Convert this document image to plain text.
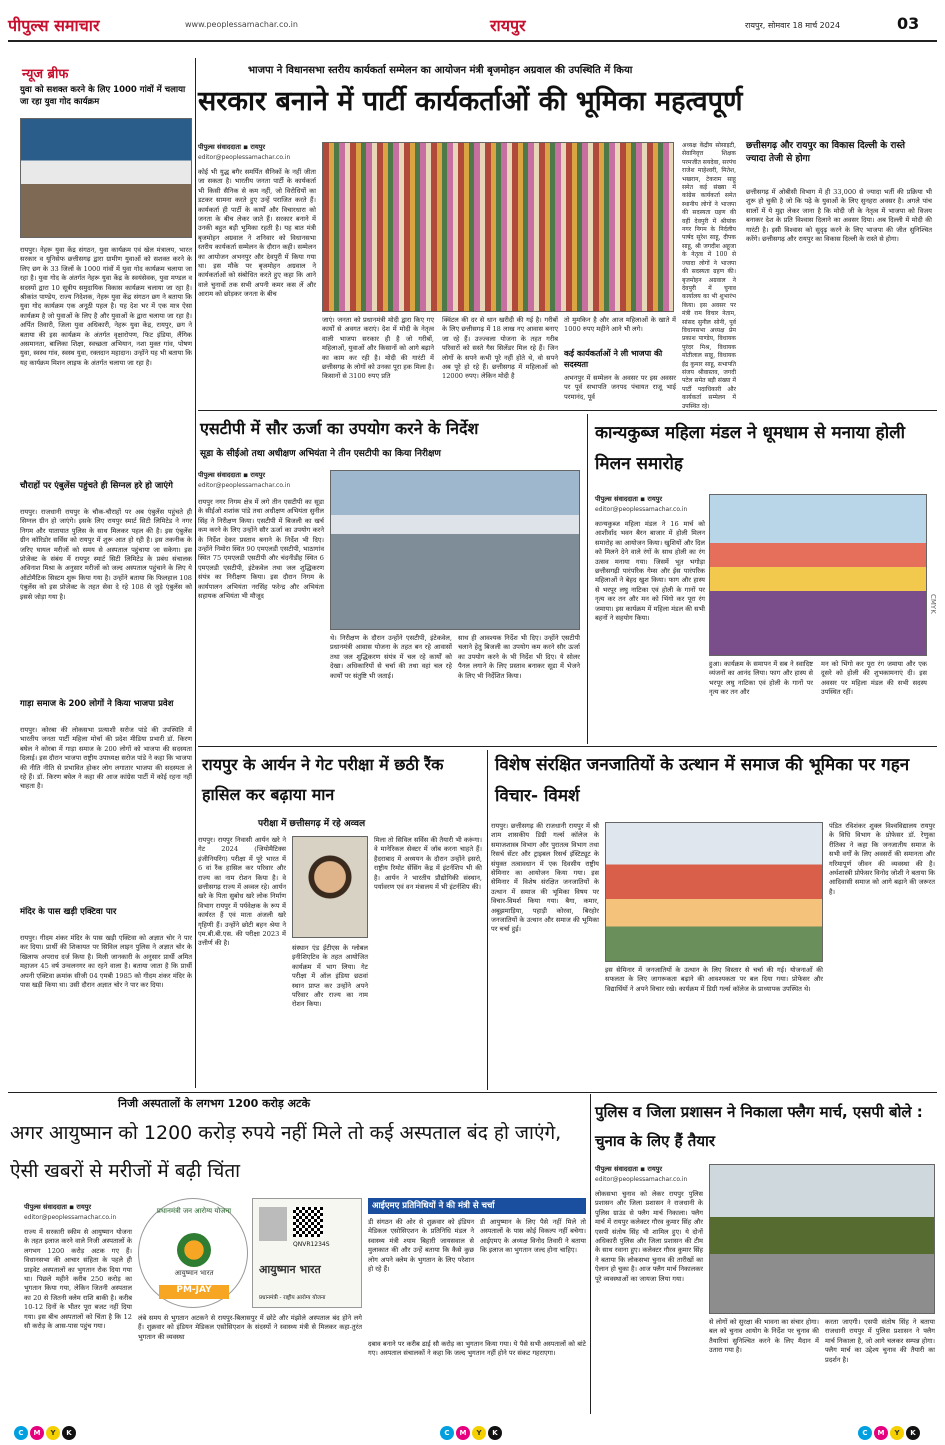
पीपुल्स समाचार	www.peoplessamachar.co.in	रायपुर	रायपुर, सोमवार 18 मार्च 2024	03
न्यूज ब्रीफ
युवा को सशक्त करने के लिए 1000 गांवों में चलाया जा रहा युवा गोद कार्यक्रम
रायपुर। नेहरू युवा केंद्र संगठन, युवा कार्यक्रम एवं खेल मंत्रालय, भारत सरकार व यूनिसेफ छत्तीसगढ़ द्वारा ग्रामीण युवाओं को सशक्त करने के लिए छग के 33 जिलों के 1000 गांवों में युवा गोद कार्यक्रम चलाया जा रहा है। युवा गोद के अंतर्गत नेहरू युवा केंद्र के स्वयंसेवक, युवा मण्डल व सदस्यों द्वारा 10 सूत्रीय समुदायिक विकास कार्यक्रम चलाया जा रहा है। श्रीकांत पाण्डेय, राज्य निदेशक, नेहरू युवा केंद्र संगठन छग ने बताया कि युवा गोद कार्यक्रम एक अनूठी पहल है। यह देश भर में एक मात्र ऐसा कार्यक्रम है जो युवाओं के लिए है और युवाओं के द्वारा चलाया जा रहा है। अर्पित तिवारी, जिला युवा अधिकारी, नेहरू युवा केंद्र, रायपुर, छग ने बताया की इस कार्यक्रम के अंतर्गत वृक्षारोपण, फिट इंडिया, लैंगिक असमानता, बालिका शिक्षा, स्वच्छता अभियान, नशा मुक्त गांव, पोषण युवा, स्वस्थ गांव, स्वस्थ युवा, रक्तदान महादान। उन्होंने यह भी बताया कि यह कार्यक्रम मिशन लाइफ के अंतर्गत चलाया जा रहा है।
चौराहों पर एंबुलेंस पहुंचते ही सिग्नल हरे हो जाएंगे
रायपुर। राजधानी रायपुर के चौक-चौराहों पर अब एंबुलेंस पहुंचते ही सिग्नल ग्रीन हो जाएंगे। इसके लिए रायपुर स्मार्ट सिटी लिमिटेड ने नगर निगम और यातायात पुलिस के साथ मिलकर पहल की है। इस एंबुलेंस ग्रीन कॉरिडोर सर्विस को रायपुर में शुरू आत हो रही है। इस तकनीक के जरिए घायल मरीजों को समय से अस्पताल पहुंचाया जा सकेगा। इस प्रोजेक्ट के संबंध में रायपुर स्मार्ट सिटी लिमिटेड के प्रबंध संचालक अविनाश मिश्रा के अनुसार मरीजों को जल्द अस्पताल पहुंचाने के लिए ये ऑटोमैटिक सिस्टम शुरू किया गया है। उन्होंने बताया कि फिलहाल 108 एंबुलेंस को इस प्रोजेक्ट के तहत सेवा दे रहे 108 से जुड़े एंबुलेंस को इससे जोड़ा गया है।
गाड़ा समाज के 200 लोगों ने किया भाजपा प्रवेश
रायपुर। कोरबा की लोकसभा प्रत्याशी सरोज पांडे की उपस्थिति में भारतीय जनता पार्टी महिला मोर्चा की प्रदेश मीडिया प्रभारी डॉ. किरण बघेल ने कोरबा में गाड़ा समाज के 200 लोगों को भाजपा की सदस्यता दिलाई। इस दौरान भाजपा राष्ट्रीय उपाध्यक्ष सरोज पांडे ने कहा कि भाजपा की नीति नीति से प्रभावित होकर लोग लगातार भाजपा की सदस्यता ले रहे हैं। डॉ. किरण बघेल ने कहा की आज कांग्रेस पार्टी में कोई रहना नहीं चाहता है।
मंदिर के पास खड़ी एक्टिवा पार
रायपुर। गीदम शंकर मंदिर के पास खड़ी एक्टिवा को अज्ञात चोर ने पार कर दिया। प्रार्थी की शिकायत पर सिविल लाइन पुलिस ने अज्ञात चोर के खिलाफ अपराध दर्ज किया है। मिली जानकारी के अनुसार प्रार्थी अमित महाजन 45 वर्ष उन्वलनगर का रहने वाला है। बताया जाता है कि प्रार्थी अपनी एक्टिवा क्रमांक सीजी 04 एमबी 1985 को गीदम शंकर मंदिर के पास खड़ी किया था। उसी दौरान अज्ञात चोर ने पार कर दिया।
भाजपा ने विधानसभा स्तरीय कार्यकर्ता सम्मेलन का आयोजन मंत्री बृजमोहन अग्रवाल की उपस्थिति में किया
सरकार बनाने में पार्टी कार्यकर्ताओं की भूमिका महत्वपूर्ण
पीपुल्स संवाददाता ◾ रायपुर
editor@peoplessamachar.co.in
कोई भी युद्ध बगैर समर्पित सैनिकों के नहीं जीता जा सकता है। भारतीय जनता पार्टी के कार्यकर्ता भी किसी सैनिक से कम नहीं, जो विरोधियों का डटकर सामना करते हुए उन्हें पराजित करते हैं। कार्यकर्ता ही पार्टी के कार्यों और विचारधारा को जनता के बीच लेकर जाते हैं। सरकार बनाने में उनकी बहुत बड़ी भूमिका रहती है। यह बात मंत्री बृजमोहन अग्रवाल ने शनिवार को विधानसभा स्तरीय कार्यकर्ता सम्मेलन के दौरान कही। सम्मेलन का आयोजन अभनपुर और देवपुरी में किया गया था। इस मौके पर बृजमोहन अग्रवाल ने कार्यकर्ताओं को संबोधित करते हुए कहा कि आने वाले चुनावों तक सभी अपनी कमर कस लें और आराम को छोड़कर जनता के बीच
जाएं। जनता को प्रधानमंत्री मोदी द्वारा किए गए कार्यों से अवगत कराएं। देश में मोदी के नेतृत्व वाली भाजपा सरकार ही है जो गरीबों, महिलाओं, युवाओं और किसानों को आगे बढ़ाने का काम कर रही है। मोदी की गारंटी में छत्तीसगढ़ के लोगों को उनका पूरा हक मिला है। किसानों से 3100 रुपए प्रति
क्विंटल की दर से धान खरीदी की गई है। गरीबों के लिए छत्तीसगढ़ में 18 लाख नए आवास बनाए जा रहे हैं। उज्ज्वला योजना के तहत गरीब परिवारों को सस्ते गैस सिलेंडर मिल रहे हैं। जिन लोगों के सपने कभी पूरे नहीं होते थे, वो सपने अब पूरे हो रहे हैं। छत्तीसगढ़ में महिलाओं को 12000 रुपए। लेकिन मोदी है
तो मुमकिन है और आज महिलाओं के खाते में 1000 रुपए महीने आने भी लगे।
कई कार्यकर्ताओं ने ली भाजपा की सदस्यता
अभनपुर में सम्मेलन के अवसर पर इस अवसर पर पूर्व सभापति जनपद पंचायत राजू भाई परमानंद, पूर्व
अध्यक्ष केंद्रीय सोसाइटी, सेवानिवृत्त शिक्षक परमजीत सयदेवा, सरपंच राजेश माहेश्वरी, मितेश, भखरान, टेकराम साहू समेत कई संख्या में कांग्रेस कार्यकर्ता समेत स्थानीय लोगों ने भाजपा की सदस्यता ग्रहण की वहीं देवपुरी में श्रीयांक नगर निगम के निर्दलीय पार्षद सुरेश साहू, दीपक साहू, श्री जगदीश अहूजा के नेतृत्व में 100 से ज्यादा लोगों ने भाजपा की सदस्यता ग्रहण की। बृजमोहन अग्रवाल ने देवपुरी में चुनाव कार्यालय का भी शुभारंभ किया। इस अवसर पर मंत्री राम विचार नेताम, सांसद सुनील सोनी, पूर्व विधानसभा अध्यक्ष प्रेम प्रकाश पाण्डेय, विधायक पुरंदर मिश्र, विधायक मोतीलाल साहू, विधायक ईंद्र कुमार साहू, सभापति संजय श्रीवास्तव, जगदी पटेल समेत बड़ी संख्या में पार्टी पदाधिकारी और कार्यकर्ता सम्मेलन में उपस्थित रहे।
छत्तीसगढ़ और रायपुर का विकास दिल्ली के रास्ते ज्यादा तेजी से होगा
छत्तीसगढ़ में ओबीसी विभाग में ही 33,000 से ज्यादा भर्ती की प्रक्रिया भी शुरू हो चुकी है जो कि पढ़े के युवाओं के लिए सुनहरा अवसर है। अगले पांच सालों में ये मुद्दा लेकर जाना है कि मोदी जी के नेतृत्व में भाजपा को विजय बनाकर देश के प्रति विश्वास दिलाने का अवसर दिया। अब दिल्ली में मोदी की गारंटी है। इसी विश्वास को सुदृढ़ करने के लिए भाजपा की जीत सुनिश्चित करेंगे। छत्तीसगढ़ और रायपुर का विकास दिल्ली के रास्ते से होगा।
एसटीपी में सौर ऊर्जा का उपयोग करने के निर्देश
सूडा के सीईओ तथा अधीक्षण अभियंता ने तीन एसटीपी का किया निरीक्षण
पीपुल्स संवाददाता ◾ रायपुर
editor@peoplessamachar.co.in
रायपुर नगर निगम क्षेत्र में लगे तीन एसटीपी का सूडा के सीईओ शशांक पांडे तथा अधीक्षण अभियंता सुनील सिंह ने निरीक्षण किया। एसटीपी में बिजली का खर्च कम करने के लिए उन्होंने सौर ऊर्जा का उपयोग करने के निर्देश देकर प्रस्ताव बनाने के निर्देश भी दिए। उन्होंने निमोरा स्थित 90 एमएलडी एसटीपी, भाठागांव स्थित 75 एमएलडी एसटीपी और चंदनीडीह स्थित 6 एमएलडी एसटीपी, इंटेकवेल तथा जल शुद्धिकरण संयंत्र का निरीक्षण किया। इस दौरान निगम के कार्यपालन अभियंता नरसिंह फरेन्द्र और अभियंता सहायक अभियंता भी मौजूद
थे। निरीक्षण के दौरान उन्होंने एसटीपी, इंटेकवेल, प्रधानमंत्री आवास योजना के तहत बन रहे आवासों तथा जल शुद्धिकरण संयंत्र में चल रहे कार्यों को देखा। अधिकारियों से चर्चा की तथा वहां चल रहे कार्यों पर संतुष्टि भी जताई।
साथ ही आवश्यक निर्देश भी दिए। उन्होंने एसटीपी चलाने हेतु बिजली का उपयोग कम करने सौर ऊर्जा का उपयोग करने के भी निर्देश भी दिए। ये सोलर पैनल लगाने के लिए प्रस्ताव बनाकर सूडा में भेजने के लिए भी निर्देशित किया।
कान्यकुब्ज महिला मंडल ने धूमधाम से मनाया होली मिलन समारोह
पीपुल्स संवाददाता ◾ रायपुर
editor@peoplessamachar.co.in
कान्यकुब्ज महिला मंडल ने 16 मार्च को आशीर्वाद भवन बैरन बाजार में होली मिलन समारोह का आयोजन किया। खुशियों और दिल को मिलने देने वाले रंगों के साथ होली का रंग उत्सव मनाया गया। जिसमें भूत भगोड़ा छत्तीसगढ़ी पारंपरिक गेम्स और ईस पारंपरिक महिलाओं ने बेहद खुश किया। फाग और हास्य से भरपूर लघु नाटिका एवं होली के गानों पर नृत्य कर तन और मन को भिंगो कर पूरा रंग जमाया। इस कार्यक्रम में महिला मंडल की सभी बहनों ने सहयोग किया।
हुआ। कार्यक्रम के समापन में सब ने स्वादिष्ट व्यंजनों का आनंद लिया। फाग और हास्य से भरपूर लघु नाटिका एवं होली के गानों पर नृत्य कर तन और
मन को भिंगो कर पूरा रंग जमाया और एक दूसरे को होली की शुभकामनाएं दी। इस अवसर पर महिला मंडल की सभी सदस्य उपस्थित रहीं।
CMYK
रायपुर के आर्यन ने गेट परीक्षा में छठी रैंक हासिल कर बढ़ाया मान
परीक्षा में छत्तीसगढ़ में रहे अव्वल
रायपुर। रायपुर निवासी आर्यन खरे ने गेट 2024 (जियोमैटिक्स इंजीनियरिंग) परीक्षा में पूरे भारत में 6 वां रैंक हासिल कर परिवार और राज्य का नाम रोशन किया है। वे छत्तीसगढ़ राज्य में अव्वल रहे। आर्यन खरे के पिता सुबोध खरे लोक निर्माण विभाग रायपुर में पर्यवेक्षक के रूप में कार्यरत हैं एवं माता अंजली खरे गृहिणी हैं। उन्होंने छोटी बहन श्रेया ने एम.बी.बी.एस. की परीक्षा 2023 में उत्तीर्ण की है।
मिला तो सिविल सर्विस की तैयारी भी करूंगा। वे मानेरिकल सेक्टर में जॉब करना चाहते हैं। हैदराबाद में अध्ययन के दौरान उन्होंने इसरो, राष्ट्रीय रिमोट सेंसिंग केंद्र में इंटर्नशिप भी की है। आर्यन ने भारतीय प्रौद्योगिकी संस्थान, पर्यावरण एवं वन मंत्रालय में भी इंटर्नशिप की।
संस्थान एंड ईटीएस के ग्लोबल इनीशिएटिव के तहत आयोजित कार्यक्रम में भाग लिया। गेट परीक्षा में ऑल इंडिया छठवां स्थान प्राप्त कर उन्होंने अपने परिवार और राज्य का नाम रोशन किया।
विशेष संरक्षित जनजातियों के उत्थान में समाज की भूमिका पर गहन विचार- विमर्श
रायपुर। छत्तीसगढ़ की राजधानी रायपुर में श्री शाम शासकीय डिग्री गर्ल्स कॉलेज के समाजशास्त्र विभाग और पुरातत्व विभाग तथा रिसर्च सेंटर और ट्राइबल रिसर्च इंस्टिट्यूट के संयुक्त तत्वावधान में एक दिवसीय राष्ट्रीय सेमिनार का आयोजन किया गया। इस सेमिनार में विशेष संरक्षित जनजातियों के उत्थान में समाज की भूमिका विषय पर विचार-विमर्श किया गया। बैगा, कमार, अबूझमाड़िया, पहाड़ी कोरवा, बिरहोर जनजातियों के उत्थान और समाज की भूमिका पर चर्चा हुई।
इस सेमिनार में जनजातियों के उत्थान के लिए विस्तार से चर्चा की गई। योजनाओं की सफलता के लिए जागरूकता बढ़ाने की आवश्यकता पर बल दिया गया। प्रोफेसर और विद्यार्थियों ने अपने विचार रखे। कार्यक्रम में डिग्री गर्ल्स कॉलेज के प्राध्यापक उपस्थित थे।
पंडित रविशंकर शुक्ल विश्वविद्यालय रायपुर के विधि विभाग के प्रोफेसर डॉ. रेणुका रीतिका ने कहा कि जनजातीय समाज के सभी वर्गों के लिए अवसरों की समानता और गरिमापूर्ण जीवन की व्यवस्था की है। अर्थशास्त्री प्रोफेसर विनोद जोशी ने बताया कि आदिवासी समाज को आगे बढ़ाने की जरूरत है।
निजी अस्पतालों के लगभग 1200 करोड़ अटके
अगर आयुष्मान को 1200 करोड़ रुपये नहीं मिले तो कई अस्पताल बंद हो जाएंगे, ऐसी खबरों से मरीजों में बढ़ी चिंता
पीपुल्स संवाददाता ◾ रायपुर
editor@peoplessamachar.co.in
राज्य में सरकारी स्कीम से आयुष्मान योजना के तहत इलाज करने वाले निजी अस्पतालों के लगभग 1200 करोड़ अटक गए हैं। विधानसभा की आचार संहिता के पहले ही प्राइवेट अस्पतालों का भुगतान रोक दिया गया था। पिछले महीने करीब 250 करोड़ का भुगतान किया गया, लेकिन जितनी अस्पताल का 20 से जितनी क्लेम राशि बाकी है। करीब 10-12 दिनों के भीतर पूरा बजट नहीं दिया गया। इस बीच अस्पतालों को चिंता है कि 12 सौ करोड़ के आस-पास पहुंच गया।
प्रधानमंत्री जन आरोग्य योजना
आयुष्मान भारत
PM-JAY
QNVR1234S
आयुष्मान भारत
प्रधानमंत्री - राष्ट्रीय आरोग्य योजना
लंबे समय से भुगतान अटकने से रायपुर-बिलासपुर में छोटे और मंझोले अस्पताल बंद होने लगे हैं। शुक्रवार को इंडियन मेडिकल एसोसिएशन के संदस्यों ने स्वास्थ्य मंत्री से मिलकर कहा-तुरंत भुगतान की व्यवस्था
आईएमए प्रतिनिधियों ने की मंत्री से चर्चा
डी संगठन की ओर से शुक्रवार को इंडियन मेडिकल एसोसिएशन के प्रतिनिधि मंडल ने स्वास्थ्य मंत्री श्याम बिहारी जायसवाल से मुलाकात की और उन्हें बताया कि कैसे कुछ लोग अपने क्लेम के भुगतान के लिए परेशान हो रहे हैं।
डी आयुष्मान के लिए पैसे नहीं मिले तो अस्पतालों के पास कोई विकल्प नहीं बचेगा। आईएमए के अध्यक्ष विनोद तिवारी ने बताया कि इलाज का भुगतान जल्द होना चाहिए।
दबाव बनाने पर करीब ढाई सौ करोड़ का भुगतान किया गया। ये पैसे सभी अस्पतालों को बांटे गए। अस्पताल संचालकों ने कहा कि जल्द भुगतान नहीं होने पर संकट गहराएगा।
पुलिस व जिला प्रशासन ने निकाला फ्लैग मार्च, एसपी बोले : चुनाव के लिए हैं तैयार
पीपुल्स संवाददाता ◾ रायपुर
editor@peoplessamachar.co.in
लोकसभा चुनाव को लेकर रायपुर पुलिस प्रशासन और जिला प्रशासन ने राजधानी के पुलिस ग्राउंड से फ्लैग मार्च निकाला। फ्लैग मार्च में रायपुर कलेक्टर गौरव कुमार सिंह और एसपी संतोष सिंह भी शामिल हुए। ये दोनों अधिकारी पुलिस और जिला प्रशासन की टीम के साथ रवाना हुए। कलेक्टर गौरव कुमार सिंह ने बताया कि लोकसभा चुनाव की तारीखों का ऐलान हो चुका है। आज फ्लैग मार्च निकालकर पूरे व्यवस्थाओं का जायजा लिया गया।
से लोगों को सुरक्षा की भावना का संचार होगा। बल को चुनाव आयोग के निर्देश पर चुनाव की तैयारियां सुनिश्चित करने के लिए मैदान में उतारा गया है।
करता जाएगी। एसपी संतोष सिंह ने बताया राजधानी रायपुर में पुलिस प्रशासन ने फ्लैग मार्च निकाला है, जो आगे चलकर सम्पन्न होगा। फ्लैग मार्च का उद्देश्य चुनाव की तैयारी का प्रदर्शन है।
C M Y K	C M Y K	C M Y K
